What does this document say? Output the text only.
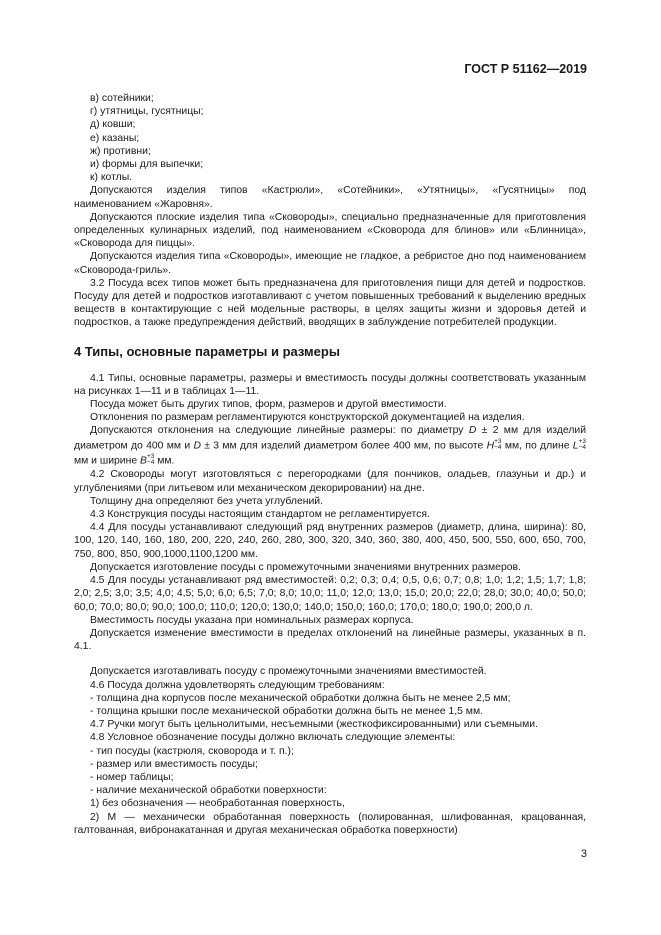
ГОСТ Р 51162—2019

в) сотейники;

г) утятницы, гусятницы;

д) ковши;

е) казаны;

ж) противни;

и) формы для выпечки;

к) котлы.

Допускаются изделия типов «Кастрюли», «Сотейники», «Утятницы», «Гусятницы» под наименованием «Жаровня».

Допускаются плоские изделия типа «Сковороды», специально предназначенные для приготовления определенных кулинарных изделий, под наименованием «Сковорода для блинов» или «Блинница», «Сковорода для пиццы».

Допускаются изделия типа «Сковороды», имеющие не гладкое, а ребристое дно под наименованием «Сковорода-гриль».

3.2 Посуда всех типов может быть предназначена для приготовления пищи для детей и подростков. Посуду для детей и подростков изготавливают с учетом повышенных требований к выделению вредных веществ в контактирующие с ней модельные растворы, в целях защиты жизни и здоровья детей и подростков, а также предупреждения действий, вводящих в заблуждение потребителей продукции.

4 Типы, основные параметры и размеры

4.1 Типы, основные параметры, размеры и вместимость посуды должны соответствовать указанным на рисунках 1—11 и в таблицах 1—11.

Посуда может быть других типов, форм, размеров и другой вместимости.

Отклонения по размерам регламентируются конструкторской документацией на изделия.

Допускаются отклонения на следующие линейные размеры: по диаметру D ± 2 мм для изделий диаметром до 400 мм и D ± 3 мм для изделий диаметром более 400 мм, по высоте H+3
−4 мм, по длине L+3
−4 мм и ширине B+3
−4 мм.

4.2 Сковороды могут изготовляться с перегородками (для пончиков, оладьев, глазуньи и др.) и углублениями (при литьевом или механическом декорировании) на дне.

Толщину дна определяют без учета углублений.

4.3 Конструкция посуды настоящим стандартом не регламентируется.

4.4 Для посуды устанавливают следующий ряд внутренних размеров (диаметр, длина, ширина): 80, 100, 120, 140, 160, 180, 200, 220, 240, 260, 280, 300, 320, 340, 360, 380, 400, 450, 500, 550, 600, 650, 700, 750, 800, 850, 900,1000,1100,1200 мм.

Допускается изготовление посуды с промежуточными значениями внутренних размеров.

4.5 Для посуды устанавливают ряд вместимостей: 0,2; 0,3; 0,4; 0,5, 0,6; 0,7; 0,8; 1,0; 1,2; 1,5; 1,7; 1,8; 2,0; 2,5; 3,0; 3,5; 4,0; 4,5; 5,0; 6,0; 6,5; 7,0; 8,0; 10,0; 11,0; 12,0; 13,0; 15,0; 20,0; 22,0; 28,0; 30,0; 40,0; 50,0; 60,0; 70,0; 80,0; 90,0; 100,0; 110,0; 120,0; 130,0; 140,0; 150,0; 160,0; 170,0; 180,0; 190,0; 200,0 л.

Вместимость посуды указана при номинальных размерах корпуса.

Допускается изменение вместимости в пределах отклонений на линейные размеры, указанных в п. 4.1.

Допускается изготавливать посуду с промежуточными значениями вместимостей.

4.6 Посуда должна удовлетворять следующим требованиям:

- толщина дна корпусов после механической обработки должна быть не менее 2,5 мм;

- толщина крышки после механической обработки должна быть не менее 1,5 мм.

4.7 Ручки могут быть цельнолитыми, несъемными (жесткофиксированными) или съемными.

4.8 Условное обозначение посуды должно включать следующие элементы:

- тип посуды (кастрюля, сковорода и т. п.);

- размер или вместимость посуды;

- номер таблицы;

- наличие механической обработки поверхности:

1) без обозначения — необработанная поверхность,

2) М — механически обработанная поверхность (полированная, шлифованная, крацованная, галтованная, вибронакатанная и другая механическая обработка поверхности)

3
